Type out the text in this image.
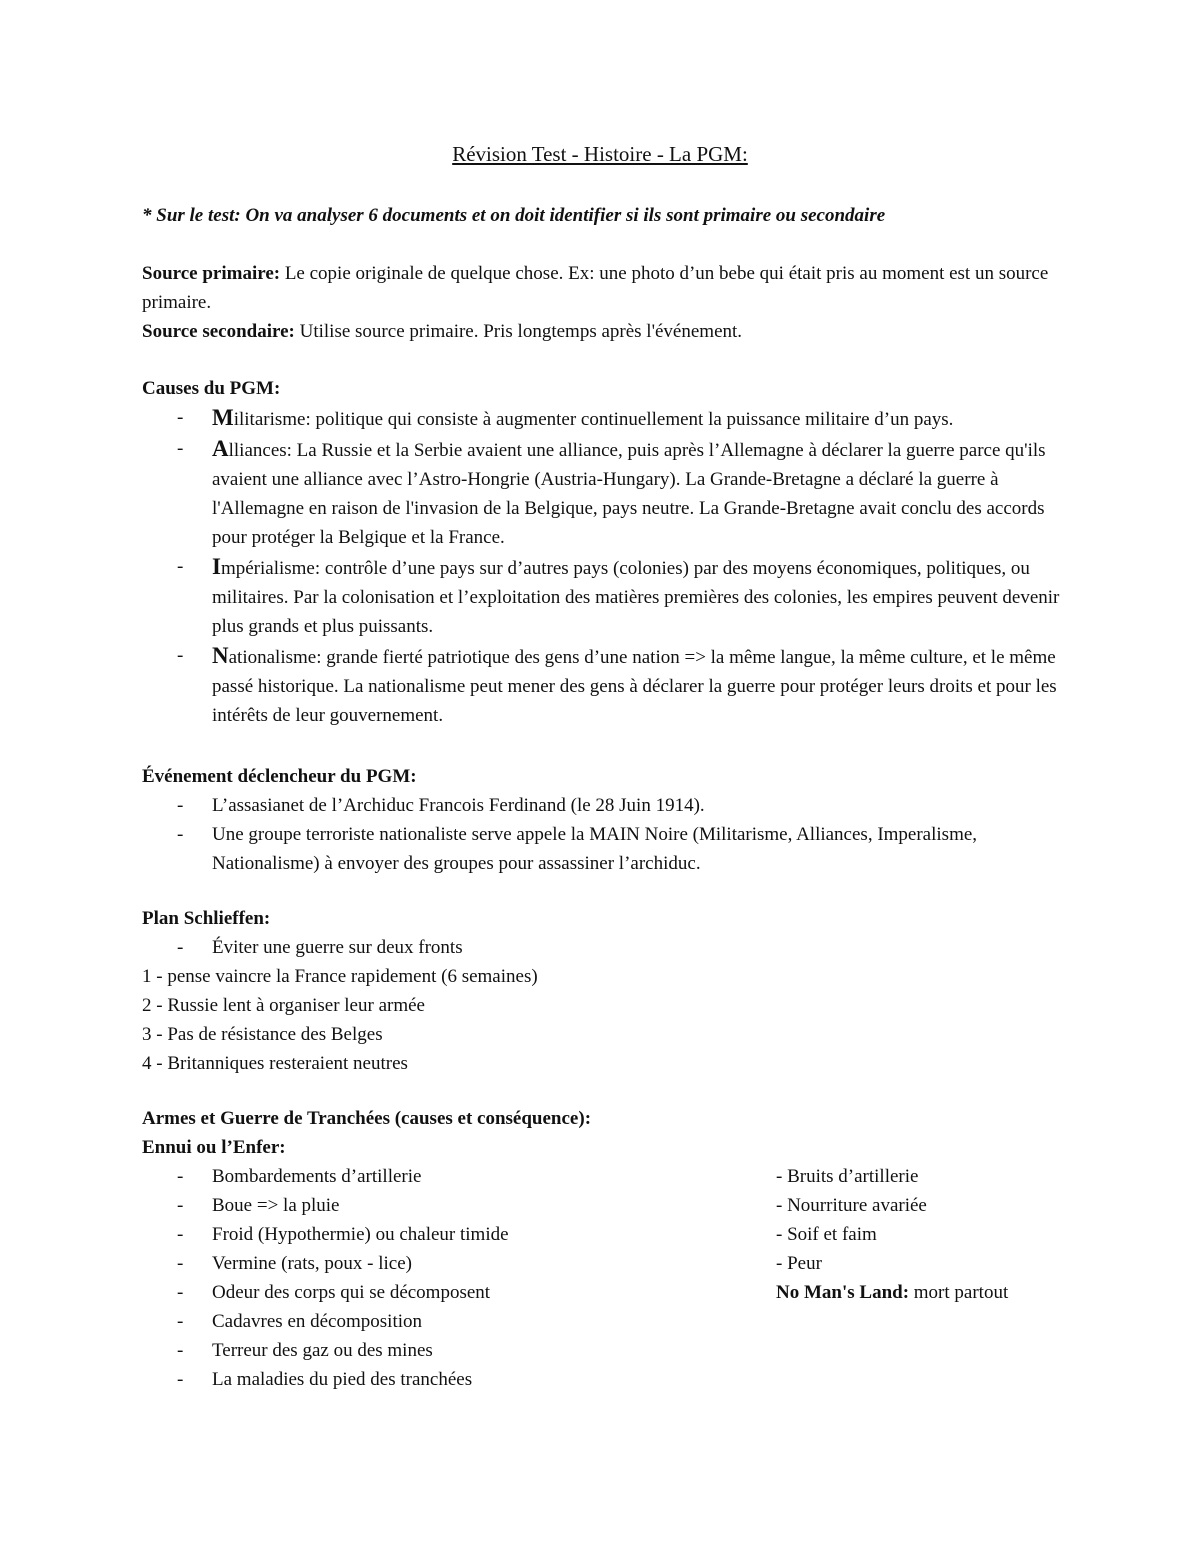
Révision Test - Histoire - La PGM:
* Sur le test: On va analyser 6 documents et on doit identifier si ils sont primaire ou secondaire
Source primaire: Le copie originale de quelque chose. Ex: une photo d’un bebe qui était pris au moment est un source primaire.
Source secondaire: Utilise source primaire. Pris longtemps après l'événement.

Causes du PGM:

- Militarisme: politique qui consiste à augmenter continuellement la puissance militaire d’un pays.
- Alliances: La Russie et la Serbie avaient une alliance, puis après l’Allemagne à déclarer la guerre parce qu'ils avaient une alliance avec l’Astro-Hongrie (Austria-Hungary). La Grande-Bretagne a déclaré la guerre à l'Allemagne en raison de l'invasion de la Belgique, pays neutre. La Grande-Bretagne avait conclu des accords pour protéger la Belgique et la France.
- Impérialisme: contrôle d’une pays sur d’autres pays (colonies) par des moyens économiques, politiques, ou militaires. Par la colonisation et l’exploitation des matières premières des colonies, les empires peuvent devenir plus grands et plus puissants.
- Nationalisme: grande fierté patriotique des gens d’une nation => la même langue, la même culture, et le même passé historique. La nationalisme peut mener des gens à déclarer la guerre pour protéger leurs droits et pour les intérêts de leur gouvernement.

Événement déclencheur du PGM:

- L’assasianet de l’Archiduc Francois Ferdinand (le 28 Juin 1914).
- Une groupe terroriste nationaliste serve appele la MAIN Noire (Militarisme, Alliances, Imperalisme, Nationalisme) à envoyer des groupes pour assassiner l’archiduc.

Plan Schlieffen:

- Éviter une guerre sur deux fronts
1 - pense vaincre la France rapidement (6 semaines)
2 - Russie lent à organiser leur armée
3 - Pas de résistance des Belges
4 - Britanniques resteraient neutres

Armes et Guerre de Tranchées (causes et conséquence):

Ennui ou l’Enfer:

- Bombardements d’artillerie
- Boue => la pluie
- Froid (Hypothermie) ou chaleur timide
- Vermine (rats, poux - lice)
- Odeur des corps qui se décomposent
- Cadavres en décomposition
- Terreur des gaz ou des mines
- La maladies du pied des tranchées
- Bruits d’artillerie
- Nourriture avariée
- Soif et faim
- Peur
No Man's Land: mort partout
